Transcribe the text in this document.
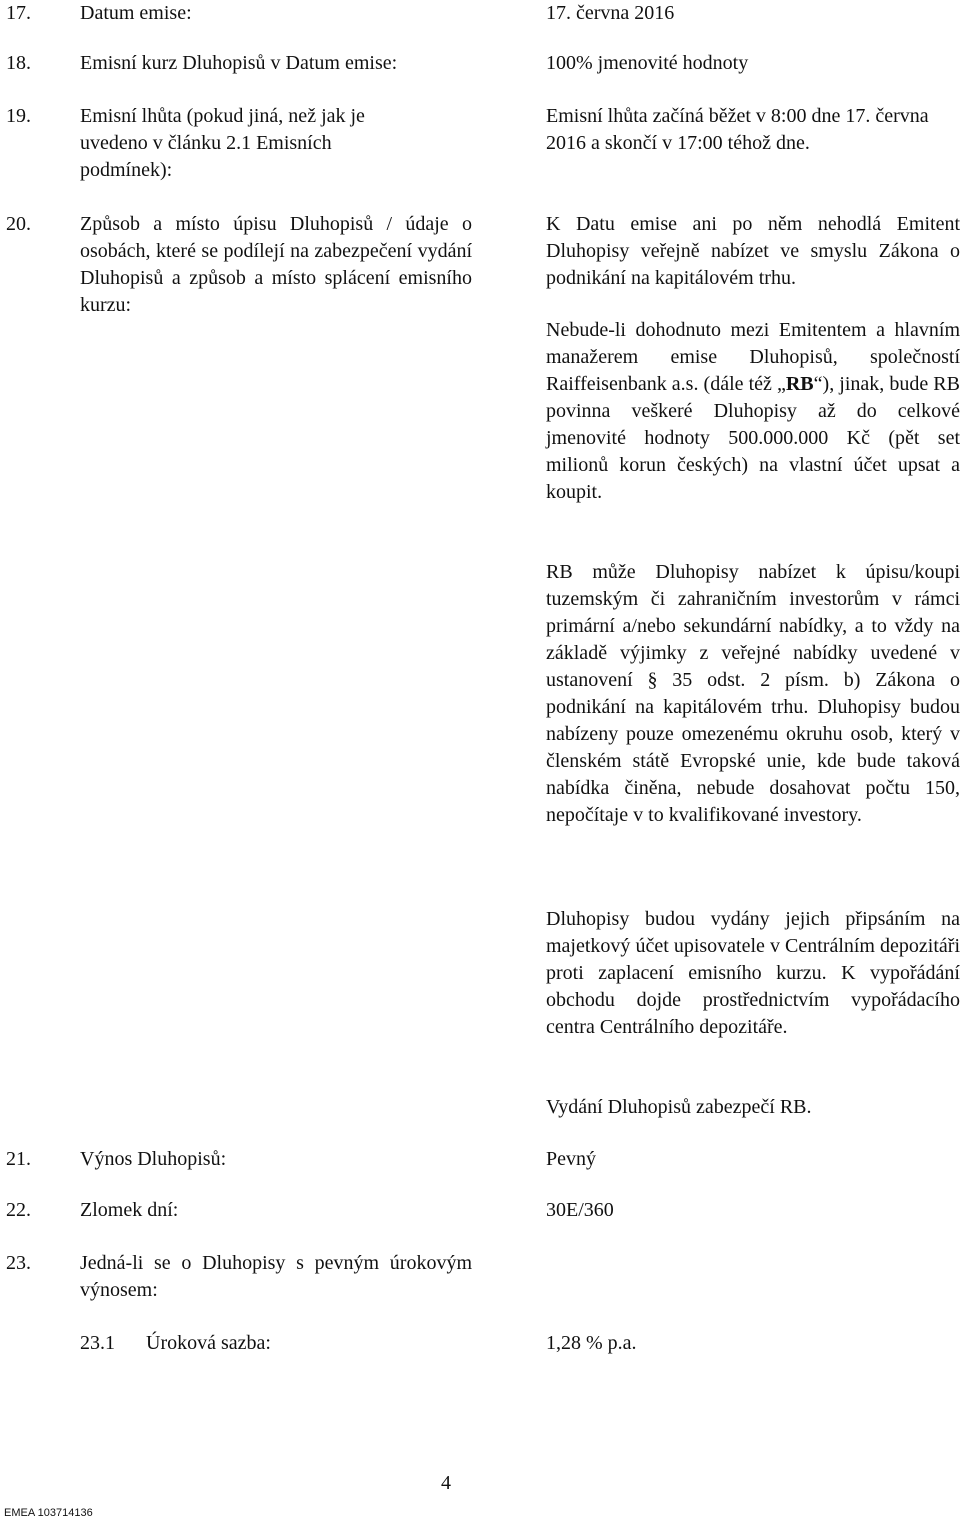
17. Datum emise:	17. června 2016
18. Emisní kurz Dluhopisů v Datum emise:	100% jmenovité hodnoty
19. Emisní lhůta (pokud jiná, než jak je uvedeno v článku 2.1 Emisních podmínek):
Emisní lhůta začíná běžet v 8:00 dne 17. června 2016 a skončí v 17:00 téhož dne.
20. Způsob a místo úpisu Dluhopisů / údaje o osobách, které se podílejí na zabezpečení vydání Dluhopisů a způsob a místo splácení emisního kurzu:
K Datu emise ani po něm nehodlá Emitent Dluhopisy veřejně nabízet ve smyslu Zákona o podnikání na kapitálovém trhu.
Nebude-li dohodnuto mezi Emitentem a hlavním manažerem emise Dluhopisů, společností Raiffeisenbank a.s. (dále též „RB“), jinak, bude RB povinna veškeré Dluhopisy až do celkové jmenovité hodnoty 500.000.000 Kč (pět set milionů korun českých) na vlastní účet upsat a koupit.
RB může Dluhopisy nabízet k úpisu/koupi tuzemským či zahraničním investorům v rámci primární a/nebo sekundární nabídky, a to vždy na základě výjimky z veřejné nabídky uvedené v ustanovení § 35 odst. 2 písm. b) Zákona o podnikání na kapitálovém trhu. Dluhopisy budou nabízeny pouze omezenému okruhu osob, který v členském státě Evropské unie, kde bude taková nabídka činěna, nebude dosahovat počtu 150, nepočítaje v to kvalifikované investory.
Dluhopisy budou vydány jejich připsáním na majetkový účet upisovatele v Centrálním depozitáři proti zaplacení emisního kurzu. K vypořádání obchodu dojde prostřednictvím vypořádacího centra Centrálního depozitáře.
Vydání Dluhopisů zabezpečí RB.
21. Výnos Dluhopisů:	Pevný
22. Zlomek dní:	30E/360
23. Jedná-li se o Dluhopisy s pevným úrokovým výnosem:
23.1 Úroková sazba:	1,28 % p.a.
4
EMEA 103714136
